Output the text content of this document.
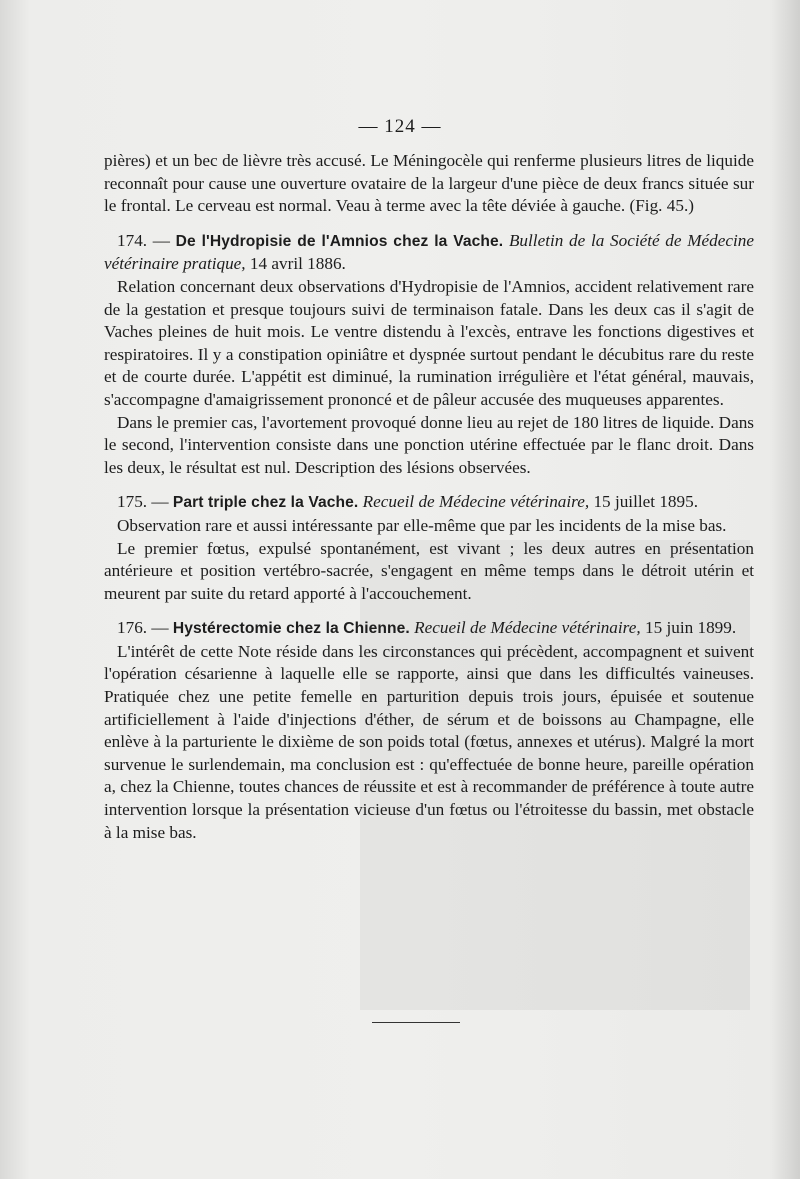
— 124 —

pières) et un bec de lièvre très accusé. Le Méningocèle qui renferme plusieurs litres de liquide reconnaît pour cause une ouverture ovataire de la largeur d'une pièce de deux francs située sur le frontal. Le cerveau est normal. Veau à terme avec la tête déviée à gauche. (Fig. 45.)

174. — De l'Hydropisie de l'Amnios chez la Vache. Bulletin de la Société de Médecine vétérinaire pratique, 14 avril 1886.

Relation concernant deux observations d'Hydropisie de l'Amnios, accident relativement rare de la gestation et presque toujours suivi de terminaison fatale. Dans les deux cas il s'agit de Vaches pleines de huit mois. Le ventre distendu à l'excès, entrave les fonctions digestives et respiratoires. Il y a constipation opiniâtre et dyspnée surtout pendant le décubitus rare du reste et de courte durée. L'appétit est diminué, la rumination irrégulière et l'état général, mauvais, s'accompagne d'amaigrissement prononcé et de pâleur accusée des muqueuses apparentes.

Dans le premier cas, l'avortement provoqué donne lieu au rejet de 180 litres de liquide. Dans le second, l'intervention consiste dans une ponction utérine effectuée par le flanc droit. Dans les deux, le résultat est nul. Description des lésions observées.

175. — Part triple chez la Vache. Recueil de Médecine vétérinaire, 15 juillet 1895.

Observation rare et aussi intéressante par elle-même que par les incidents de la mise bas.

Le premier fœtus, expulsé spontanément, est vivant ; les deux autres en présentation antérieure et position vertébro-sacrée, s'engagent en même temps dans le détroit utérin et meurent par suite du retard apporté à l'accouchement.

176. — Hystérectomie chez la Chienne. Recueil de Médecine vétérinaire, 15 juin 1899.

L'intérêt de cette Note réside dans les circonstances qui précèdent, accompagnent et suivent l'opération césarienne à laquelle elle se rapporte, ainsi que dans les difficultés vaineuses. Pratiquée chez une petite femelle en parturition depuis trois jours, épuisée et soutenue artificiellement à l'aide d'injections d'éther, de sérum et de boissons au Champagne, elle enlève à la parturiente le dixième de son poids total (fœtus, annexes et utérus). Malgré la mort survenue le surlendemain, ma conclusion est : qu'effectuée de bonne heure, pareille opération a, chez la Chienne, toutes chances de réussite et est à recommander de préférence à toute autre intervention lorsque la présentation vicieuse d'un fœtus ou l'étroitesse du bassin, met obstacle à la mise bas.
